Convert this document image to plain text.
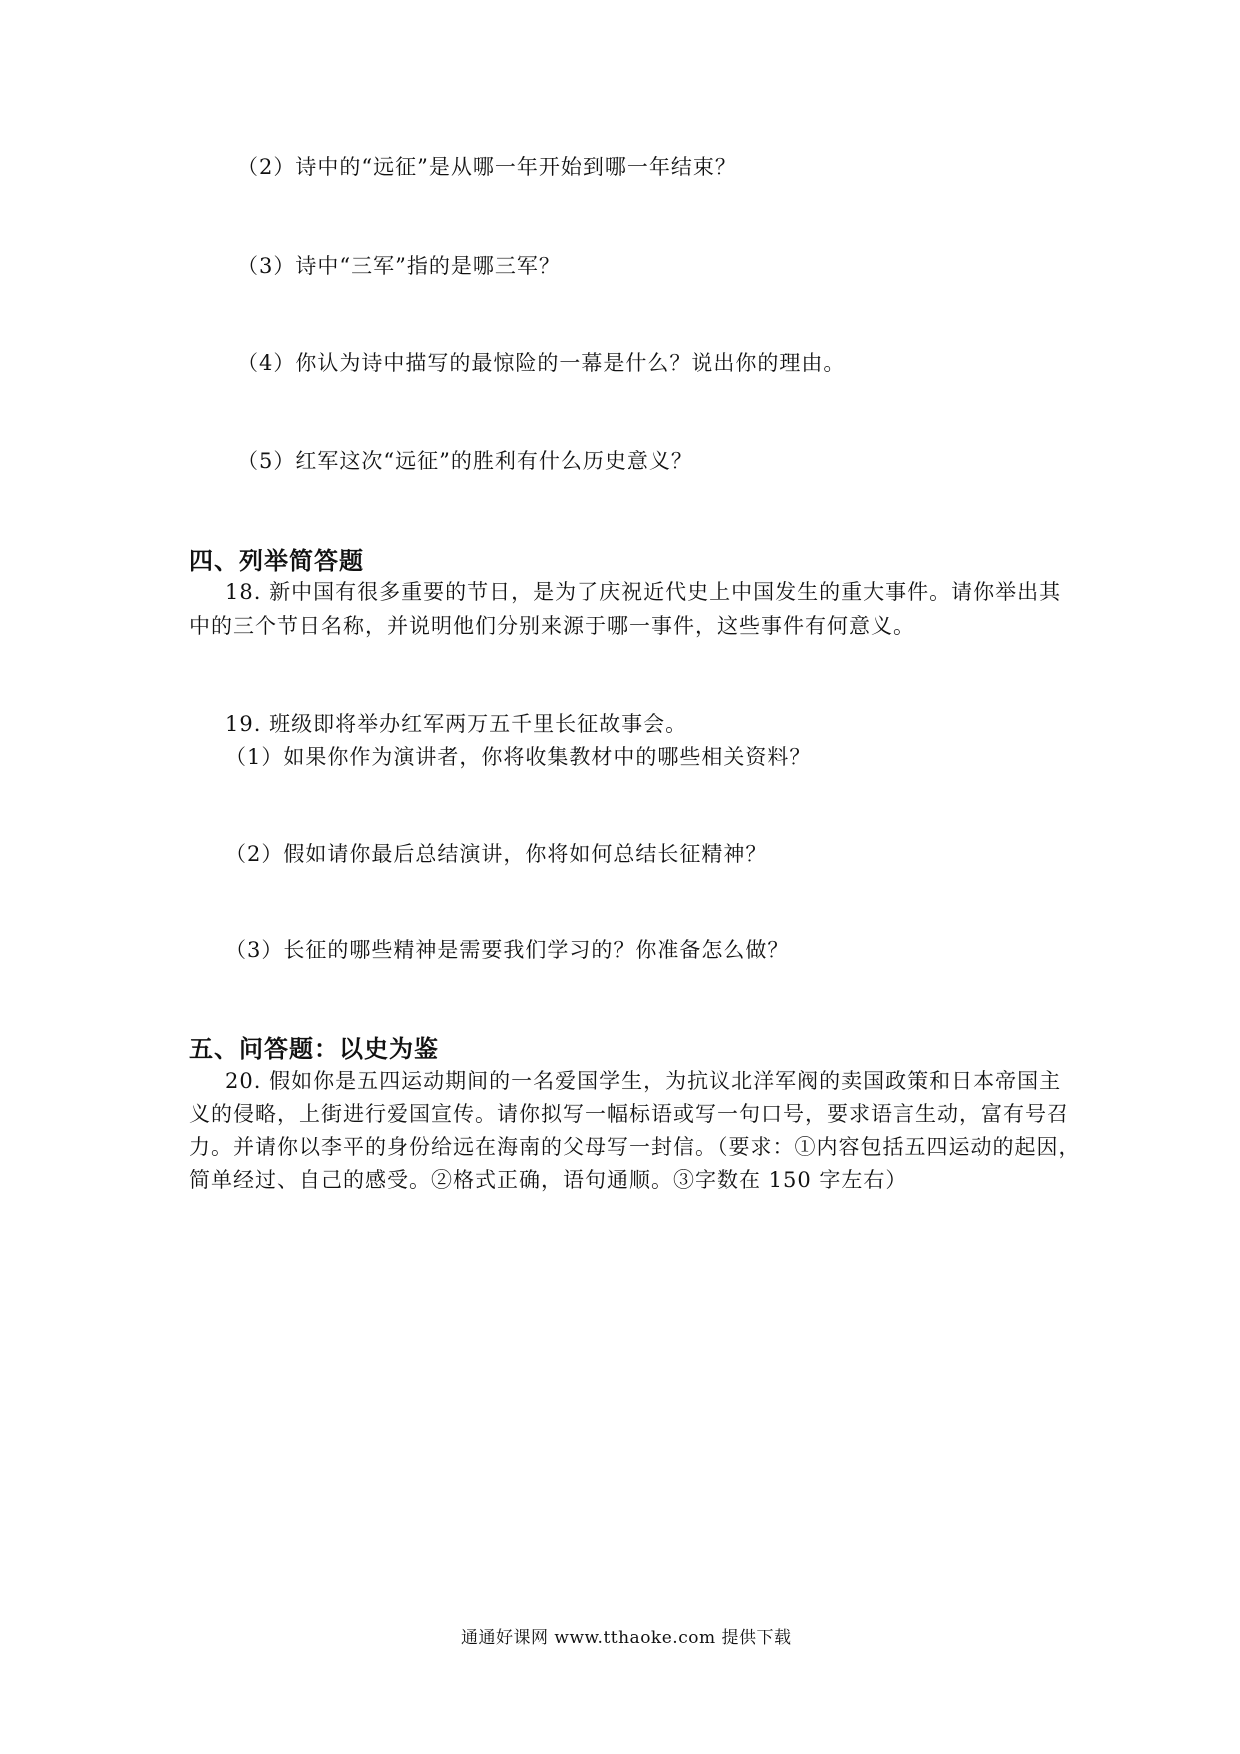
（2）诗中的“远征”是从哪一年开始到哪一年结束？
（3）诗中“三军”指的是哪三军？
（4）你认为诗中描写的最惊险的一幕是什么？说出你的理由。
（5）红军这次“远征”的胜利有什么历史意义？
四、列举简答题
18. 新中国有很多重要的节日，是为了庆祝近代史上中国发生的重大事件。请你举出其
中的三个节日名称，并说明他们分别来源于哪一事件，这些事件有何意义。
19. 班级即将举办红军两万五千里长征故事会。
（1）如果你作为演讲者，你将收集教材中的哪些相关资料？
（2）假如请你最后总结演讲，你将如何总结长征精神？
（3）长征的哪些精神是需要我们学习的？你准备怎么做？
五、问答题：以史为鉴
20. 假如你是五四运动期间的一名爱国学生，为抗议北洋军阀的卖国政策和日本帝国主
义的侵略，上街进行爱国宣传。请你拟写一幅标语或写一句口号，要求语言生动，富有号召
力。并请你以李平的身份给远在海南的父母写一封信。（要求：①内容包括五四运动的起因，
简单经过、自己的感受。②格式正确，语句通顺。③字数在 150 字左右）
通通好课网 www.tthaoke.com 提供下载
